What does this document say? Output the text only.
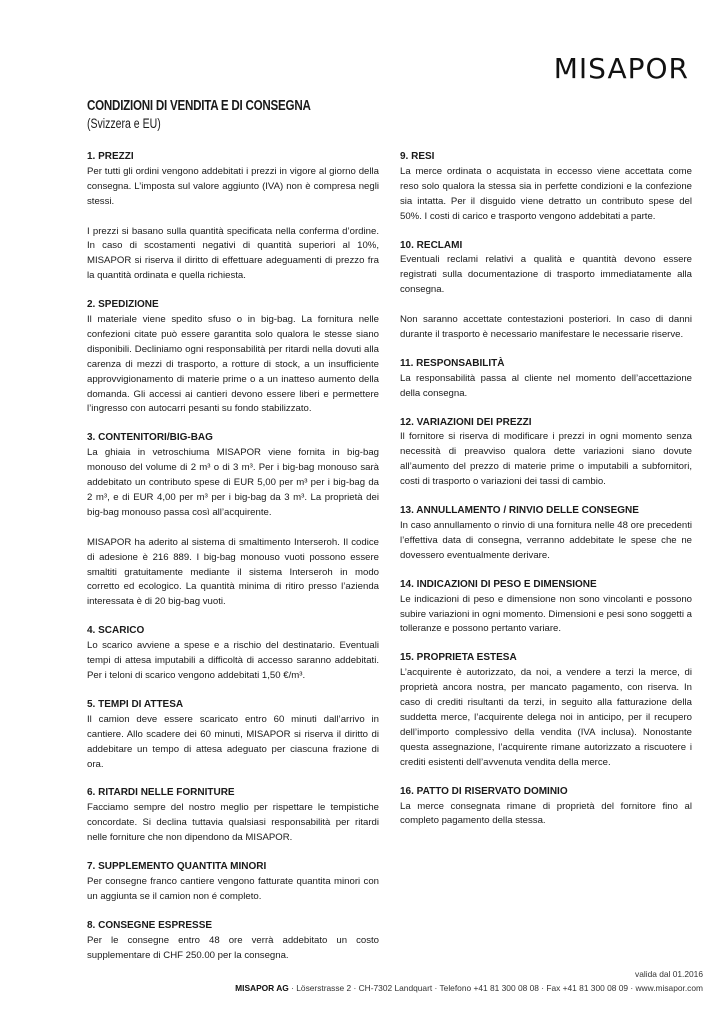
MISAPOR
CONDIZIONI DI VENDITA E DI CONSEGNA
(Svizzera e EU)
1. PREZZI

Per tutti gli ordini vengono addebitati i prezzi in vigore al giorno della consegna. L’imposta sul valore aggiunto (IVA) non è compresa negli stessi.

I prezzi si basano sulla quantità specificata nella conferma d’ordine. In caso di scostamenti negativi di quantità superiori al 10%, MISAPOR si riserva il diritto di effettuare adeguamenti di prezzo fra la quantità ordinata e quella richiesta.

2. SPEDIZIONE

Il materiale viene spedito sfuso o in big-bag. La fornitura nelle confezioni citate può essere garantita solo qualora le stesse siano disponibili. Decliniamo ogni responsabilità per ritardi nella dovuti alla carenza di mezzi di trasporto, a rotture di stock, a un insufficiente approvvigionamento di materie prime o a un inatteso aumento della domanda. Gli accessi ai cantieri devono essere liberi e permettere l’ingresso con autocarri pesanti su fondo stabilizzato.

3. CONTENITORI/BIG-BAG

La ghiaia in vetroschiuma MISAPOR viene fornita in big-bag monouso del volume di 2 m³ o di 3 m³. Per i big-bag monouso sarà addebitato un contributo spese di EUR 5,00 per m³ per i big-bag da 2 m³, e di EUR 4,00 per m³ per i big-bag da 3 m³. La proprietà dei big-bag monouso passa così all’acquirente.

MISAPOR ha aderito al sistema di smaltimento Interseroh. Il codice di adesione è 216 889. I big-bag monouso vuoti possono essere smaltiti gratuitamente mediante il sistema Interseroh in modo corretto ed ecologico. La quantità minima di ritiro presso l’azienda interessata è di 20 big-bag vuoti.

4. SCARICO

Lo scarico avviene a spese e a rischio del destinatario. Eventuali tempi di attesa imputabili a difficoltà di accesso saranno addebitati. Per i teloni di scarico vengono addebitati 1,50 €/m³.

5. TEMPI DI ATTESA

Il camion deve essere scaricato entro 60 minuti dall’arrivo in cantiere. Allo scadere dei 60 minuti, MISAPOR si riserva il diritto di addebitare un tempo di attesa adeguato per ciascuna frazione di ora.

6. RITARDI NELLE FORNITURE

Facciamo sempre del nostro meglio per rispettare le tempistiche concordate. Si declina tuttavia qualsiasi responsabilità per ritardi nelle forniture che non dipendono da MISAPOR.

7. SUPPLEMENTO QUANTITA MINORI

Per consegne franco cantiere vengono fatturate quantita minori con un aggiunta se il camion non é completo.

8. CONSEGNE ESPRESSE

Per le consegne entro 48 ore verrà addebitato un costo supplementare di CHF 250.00 per la consegna.

9. RESI

La merce ordinata o acquistata in eccesso viene accettata come reso solo qualora la stessa sia in perfette condizioni e la confezione sia intatta. Per il disguido viene detratto un contributo spese del 50%. I costi di carico e trasporto vengono addebitati a parte.

10. RECLAMI

Eventuali reclami relativi a qualità e quantità devono essere registrati sulla documentazione di trasporto immediatamente alla consegna.

Non saranno accettate contestazioni posteriori. In caso di danni durante il trasporto è necessario manifestare le necessarie riserve.

11. RESPONSABILITÀ

La responsabilità passa al cliente nel momento dell’accettazione della consegna.

12. VARIAZIONI DEI PREZZI

Il fornitore si riserva di modificare i prezzi in ogni momento senza necessità di preavviso qualora dette variazioni siano dovute all’aumento del prezzo di materie prime o imputabili a subfornitori, costi di trasporto o variazioni dei tassi di cambio.

13. ANNULLAMENTO / RINVIO DELLE CONSEGNE

In caso annullamento o rinvio di una fornitura nelle 48 ore precedenti l’effettiva data di consegna, verranno addebitate le spese che ne dovessero eventualmente derivare.

14. INDICAZIONI DI PESO E DIMENSIONE

Le indicazioni di peso e dimensione non sono vincolanti e possono subire variazioni in ogni momento. Dimensioni e pesi sono soggetti a tolleranze e possono pertanto variare.

15. PROPRIETA ESTESA

L’acquirente è autorizzato, da noi, a vendere a terzi la merce, di proprietà ancora nostra, per mancato pagamento, con riserva. In caso di crediti risultanti da terzi, in seguito alla fatturazione della suddetta merce, l’acquirente delega noi in anticipo, per il recupero dell’importo complessivo della vendita (IVA inclusa). Nonostante questa assegnazione, l’acquirente rimane autorizzato a riscuotere i crediti esistenti dell’avvenuta vendita della merce.

16. PATTO DI RISERVATO DOMINIO

La merce consegnata rimane di proprietà del fornitore fino al completo pagamento della stessa.

valida dal 01.2016
MISAPOR AG · Löserstrasse 2 · CH-7302 Landquart · Telefono +41 81 300 08 08 · Fax +41 81 300 08 09 · www.misapor.com
